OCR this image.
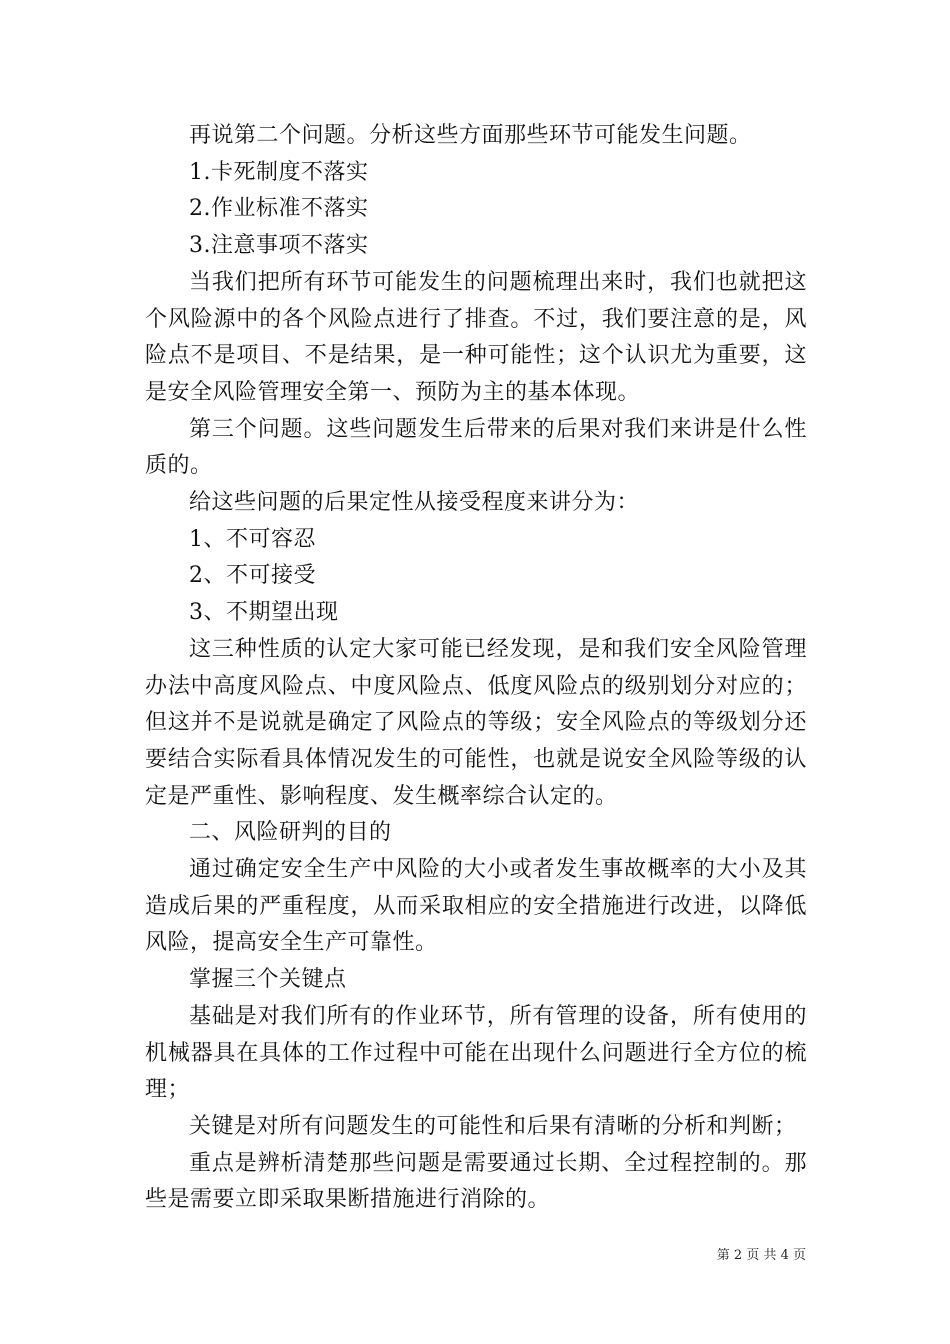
再说第二个问题。分析这些方面那些环节可能发生问题。

1.卡死制度不落实

2.作业标准不落实

3.注意事项不落实

当我们把所有环节可能发生的问题梳理出来时，我们也就把这个风险源中的各个风险点进行了排查。不过，我们要注意的是，风险点不是项目、不是结果，是一种可能性；这个认识尤为重要，这是安全风险管理安全第一、预防为主的基本体现。

第三个问题。这些问题发生后带来的后果对我们来讲是什么性质的。

给这些问题的后果定性从接受程度来讲分为：

1、不可容忍

2、不可接受

3、不期望出现

这三种性质的认定大家可能已经发现，是和我们安全风险管理办法中高度风险点、中度风险点、低度风险点的级别划分对应的；但这并不是说就是确定了风险点的等级；安全风险点的等级划分还要结合实际看具体情况发生的可能性，也就是说安全风险等级的认定是严重性、影响程度、发生概率综合认定的。

二、风险研判的目的

通过确定安全生产中风险的大小或者发生事故概率的大小及其造成后果的严重程度，从而采取相应的安全措施进行改进，以降低风险，提高安全生产可靠性。

掌握三个关键点

基础是对我们所有的作业环节，所有管理的设备，所有使用的机械器具在具体的工作过程中可能在出现什么问题进行全方位的梳理；

关键是对所有问题发生的可能性和后果有清晰的分析和判断；

重点是辨析清楚那些问题是需要通过长期、全过程控制的。那些是需要立即采取果断措施进行消除的。

第 2 页 共 4 页
